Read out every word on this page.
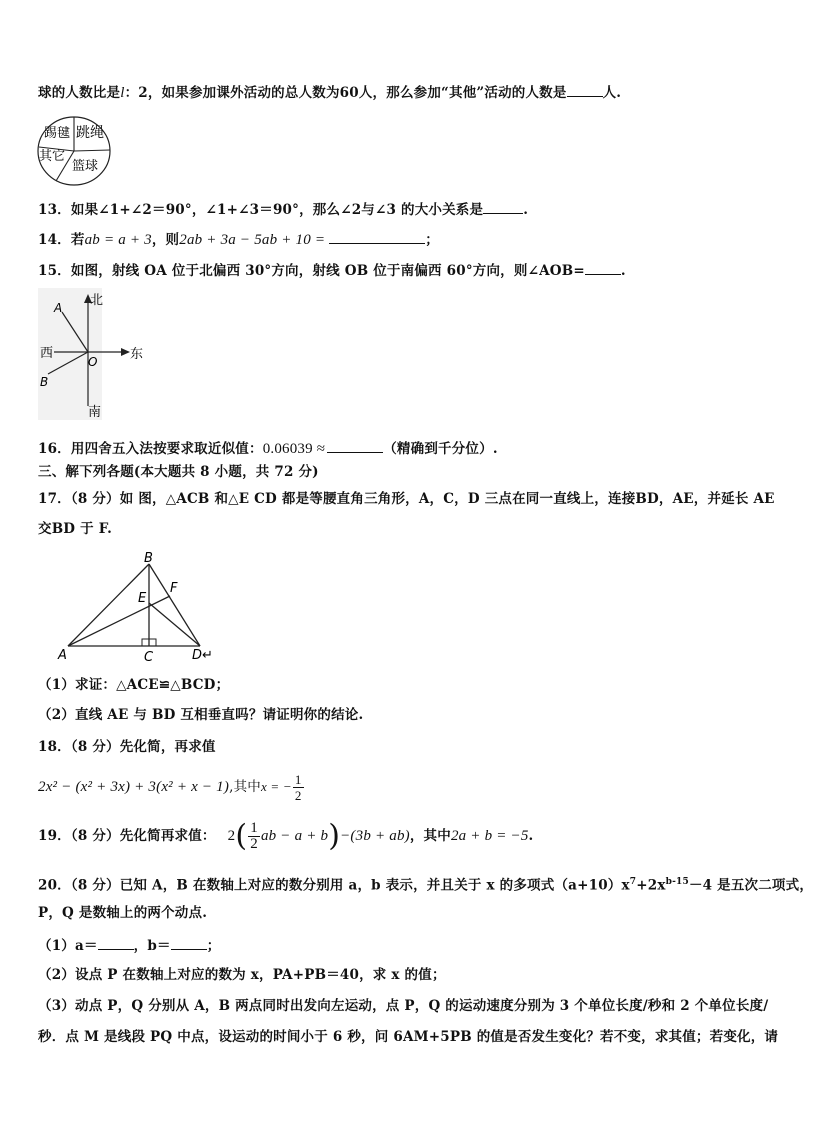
球的人数比是l：2，如果参加课外活动的总人数为60人，那么参加“其他”活动的人数是	人.
踢毽 跳绳
其它
篮球
13．如果∠1+∠2＝90°，∠1+∠3＝90°，那么∠2与∠3 的大小关系是	.
14．若ab = a + 3，则2ab + 3a − 5ab + 10 =	；
15．如图，射线 OA 位于北偏西 30°方向，射线 OB 位于南偏西 60°方向，则∠AOB=	.
北
南
东
西
A
B
O
16．用四舍五入法按要求取近似值：0.06039 ≈	（精确到千分位）.
三、解下列各题(本大题共 8 小题，共 72 分)
17．（8 分）如 图，△ACB 和△E CD 都是等腰直角三角形，A，C，D 三点在同一直线上，连接BD，AE，并延长 AE
交BD 于 F.
B
F
E
A	C	D↵
（1）求证：△ACE≌△BCD；
（2）直线 AE 与 BD 互相垂直吗？请证明你的结论.
18．（8 分）先化简，再求值
2x² − (x² + 3x) + 3(x² + x − 1),其中x = − $\frac{1}{2}$
19．（8 分）先化简再求值： $2( \frac{1}{2}$ ab − a + b)−(3b + ab)，其中2a + b = −5.
20．（8 分）已知 A，B 在数轴上对应的数分别用 a，b 表示，并且关于 x 的多项式$(a+10)x^7+2x^{b-15}-4$ 是五次二项式，
P，Q 是数轴上的两个动点.
（1）a＝	，b＝	；
（2）设点 P 在数轴上对应的数为 x，PA+PB＝40，求 x 的值；
（3）动点 P，Q 分别从 A，B 两点同时出发向左运动，点 P，Q 的运动速度分别为 3 个单位长度/秒和 2 个单位长度/
秒．点 M 是线段 PQ 中点，设运动的时间小于 6 秒，问 6AM+5PB 的值是否发生变化？若不变，求其值；若变化，请
